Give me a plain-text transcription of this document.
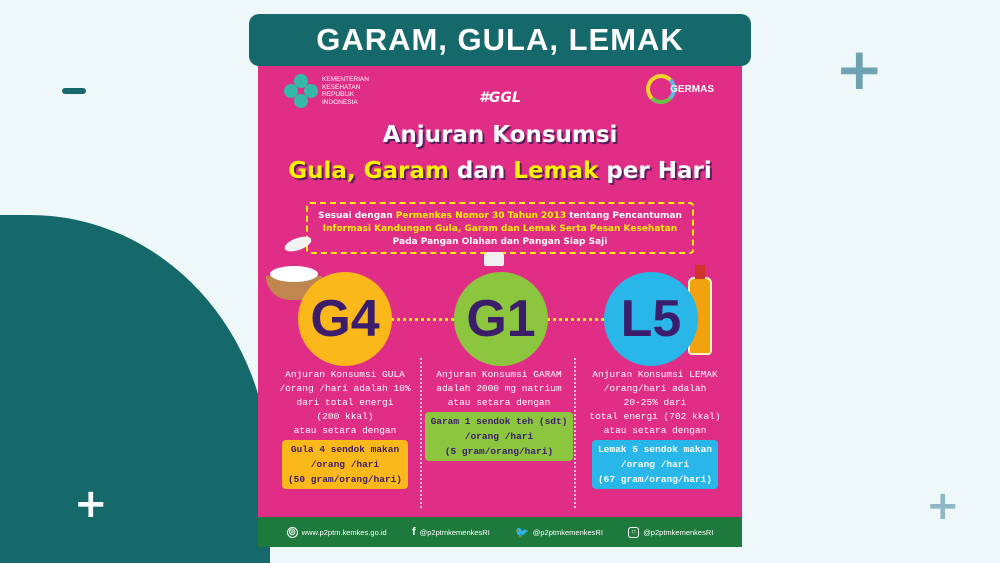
+
+	+
GARAM, GULA, LEMAK
KEMENTERIAN KESEHATAN REPUBLIK INDONESIA
GERMAS
#GGL
Anjuran Konsumsi
Gula, Garam dan Lemak per Hari
Sesuai dengan Permenkes Nomor 30 Tahun 2013 tentang Pencantuman
Informasi Kandungan Gula, Garam dan Lemak Serta Pesan Kesehatan
Pada Pangan Olahan dan Pangan Siap Saji
G4 G1	L5
Anjuran Konsumsi GULA
/orang /hari adalah 10%
dari total energi
(200 kkal)
atau setara dengan
Gula 4 sendok makan
/orang /hari
(50 gram/orang/hari)
Anjuran Konsumsi GARAM
adalah 2000 mg natrium
atau setara dengan
Garam 1 sendok teh (sdt)
/orang /hari
(5 gram/orang/hari)
Anjuran Konsumsi LEMAK
/orang/hari adalah
20-25% dari
total energi (702 kkal)
atau setara dengan
Lemak 5 sendok makan
/orang /hari
(67 gram/orang/hari)
◎ www.p2ptm.kemkes.go.id f @p2ptmkemenkesRI 🐦 @p2ptmkemenkesRI	○ @p2ptmkemenkesRI
